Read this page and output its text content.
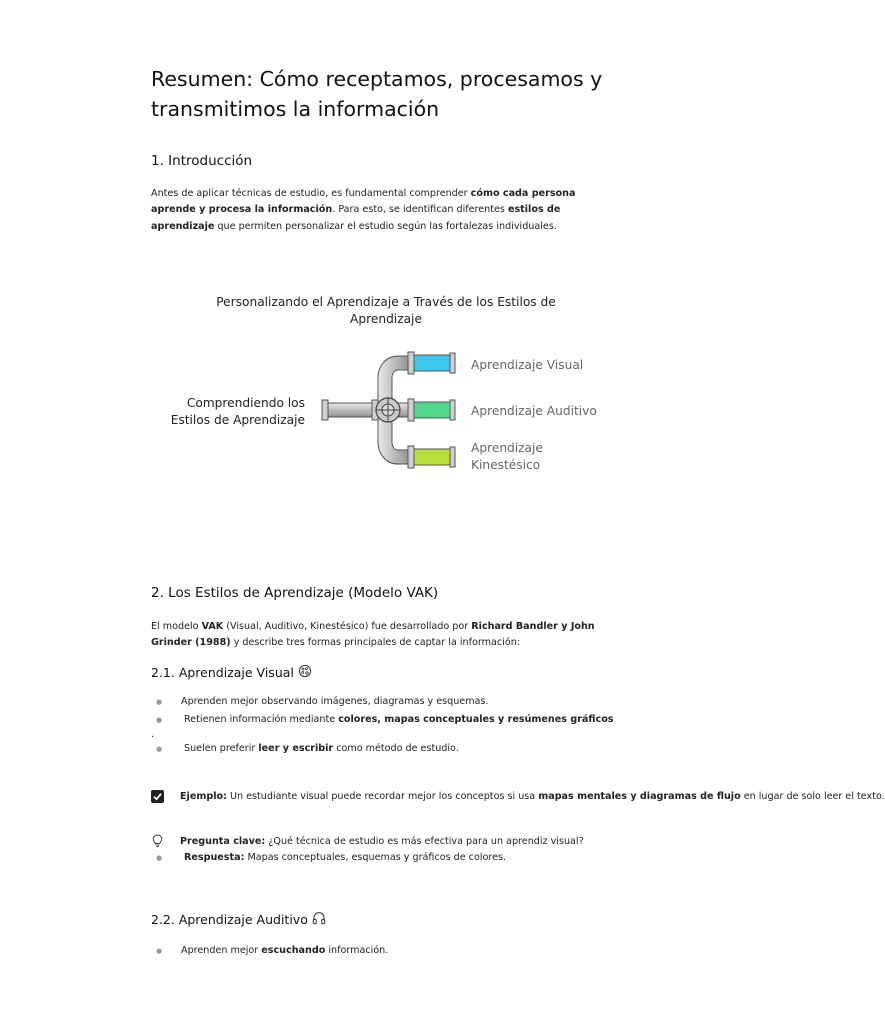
Resumen: Cómo receptamos, procesamos y transmitimos la información
1. Introducción

Antes de aplicar técnicas de estudio, es fundamental comprender cómo cada persona aprende y procesa la información. Para esto, se identifican diferentes estilos de aprendizaje que permiten personalizar el estudio según las fortalezas individuales.

2. Los Estilos de Aprendizaje (Modelo VAK)

El modelo VAK (Visual, Auditivo, Kinestésico) fue desarrollado por Richard Bandler y John Grinder (1988) y describe tres formas principales de captar la información:

2.1. Aprendizaje Visual
● Aprenden mejor observando imágenes, diagramas y esquemas.
● Retienen información mediante colores, mapas conceptuales y resúmenes gráficos
.
● Suelen preferir leer y escribir como método de estudio.
Ejemplo: Un estudiante visual puede recordar mejor los conceptos si usa mapas mentales y diagramas de flujo en lugar de solo leer el texto.
Pregunta clave: ¿Qué técnica de estudio es más efectiva para un aprendiz visual?
● Respuesta: Mapas conceptuales, esquemas y gráficos de colores.
2.2. Aprendizaje Auditivo
● Aprenden mejor escuchando información.
Personalizando el Aprendizaje a Través de los Estilos de Aprendizaje
Comprendiendo los Estilos de Aprendizaje
Aprendizaje Visual
Aprendizaje Auditivo
Aprendizaje Kinestésico
